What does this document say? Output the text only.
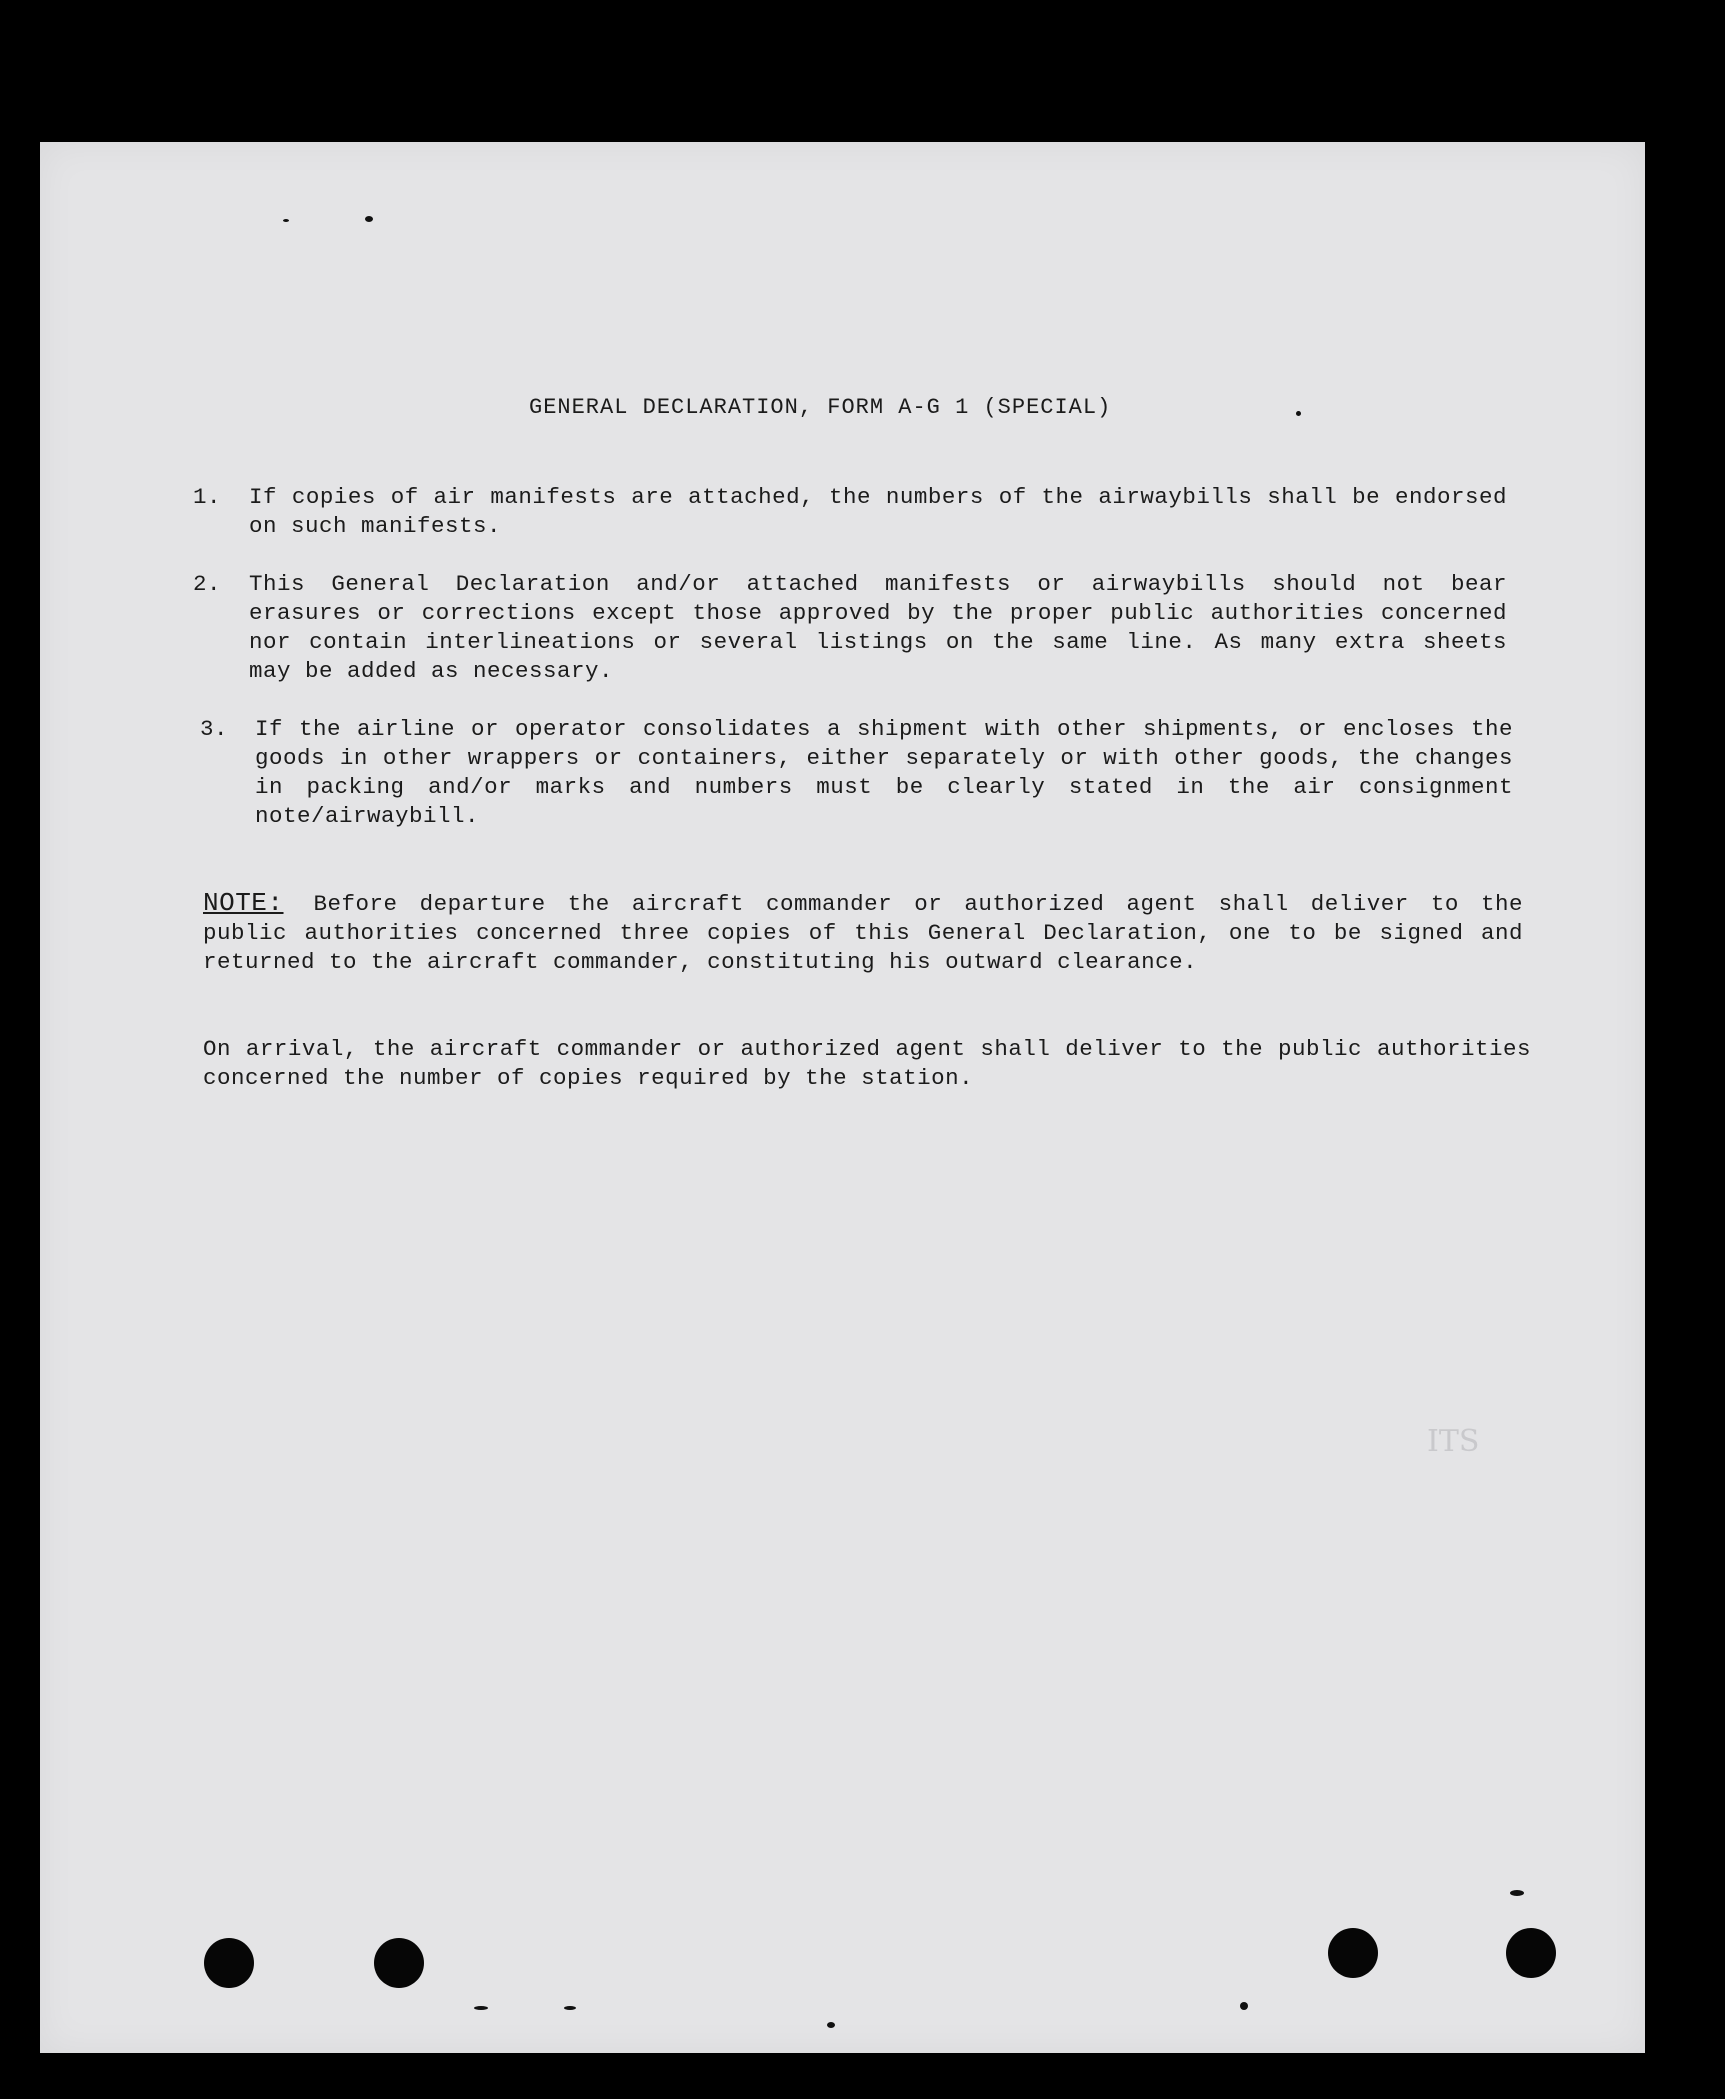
GENERAL DECLARATION, FORM A-G 1 (SPECIAL)
1. If copies of air manifests are attached, the numbers of the airwaybills shall be endorsed on such manifests.
2. This General Declaration and/or attached manifests or airwaybills should not bear erasures or corrections except those approved by the proper public authorities concerned nor contain interlineations or several listings on the same line. As many extra sheets may be added as necessary.
3. If the airline or operator consolidates a shipment with other shipments, or encloses the goods in other wrappers or containers, either separately or with other goods, the changes in packing and/or marks and numbers must be clearly stated in the air consignment note/airwaybill.
NOTE: Before departure the aircraft commander or authorized agent shall deliver to the public authorities concerned three copies of this General Declaration, one to be signed and returned to the aircraft commander, constituting his outward clearance.
On arrival, the aircraft commander or authorized agent shall deliver to the public authorities concerned the number of copies required by the station.
ITS
